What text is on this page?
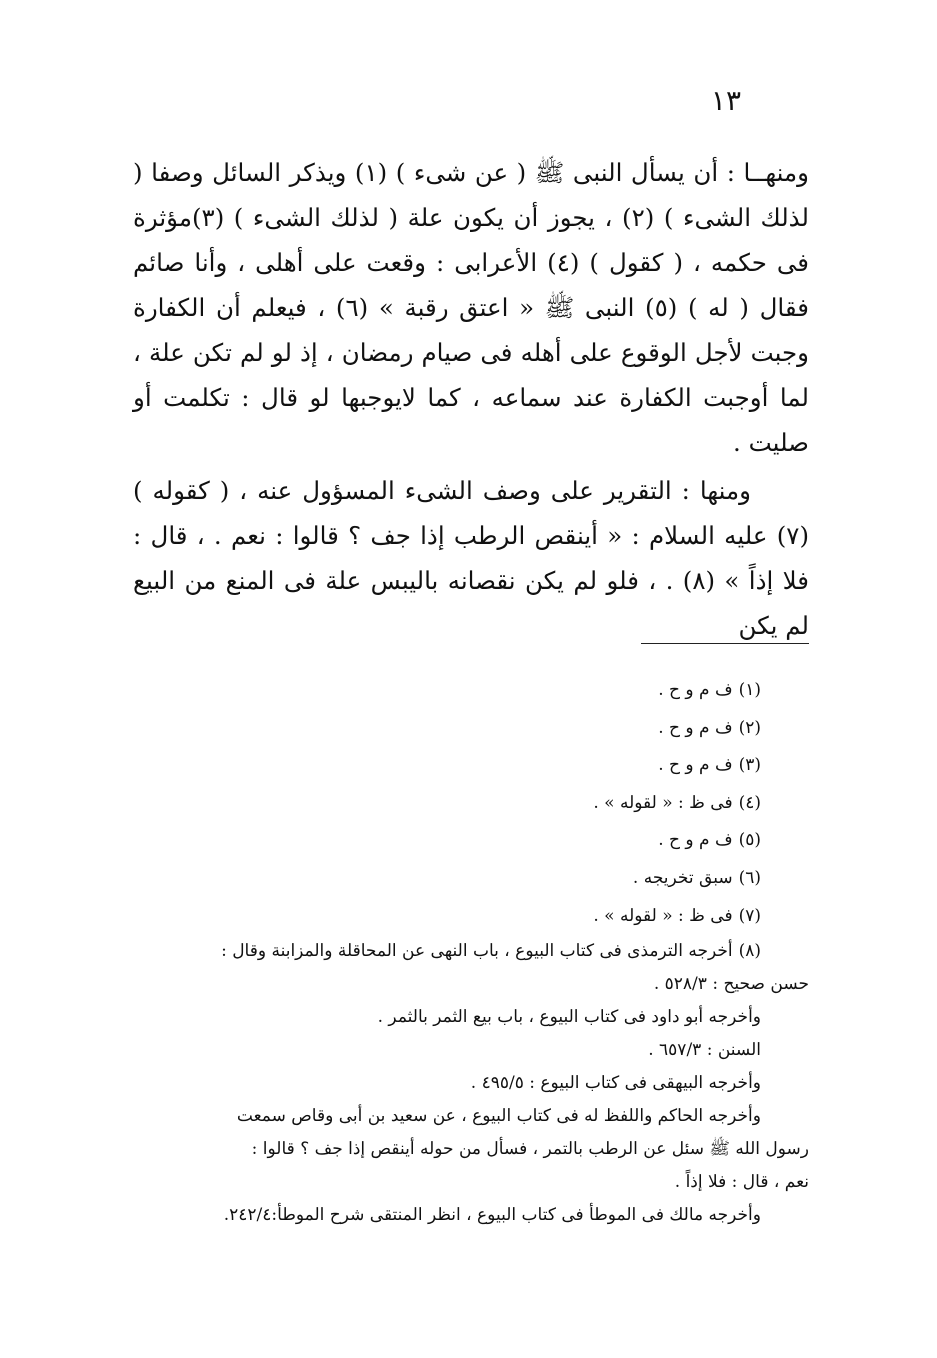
١٣

ومنهــا : أن يسأل النبى ﷺ ( عن شىء ) (١) ويذكر السائل وصفا ( لذلك الشىء ) (٢) ، يجوز أن يكون علة ( لذلك الشىء ) (٣)مؤثرة فى حكمه ، ( كقول ) (٤) الأعرابى : وقعت على أهلى ، وأنا صائم فقال ( له ) (٥) النبى ﷺ « اعتق رقبة » (٦) ، فيعلم أن الكفارة وجبت لأجل الوقوع على أهله فى صيام رمضان ، إذ لو لم تكن علة ، لما أوجبت الكفارة عند سماعه ، كما لايوجبها لو قال : تكلمت أو صليت .

ومنها : التقرير على وصف الشىء المسؤول عنه ، ( كقوله ) (٧) عليه السلام : « أينقص الرطب إذا جف ؟ قالوا : نعم . ، قال : فلا إذاً » (٨) . ، فلو لم يكن نقصانه باليبس علة فى المنع من البيع لم يكن

(١)ف م و ح .
(٢)ف م و ح .
(٣)ف م و ح .
(٤)فى ظ : « لقوله » .
(٥)ف م و ح .
(٦)سبق تخريجه .
(٧)فى ظ : « لقوله » .
(٨)أخرجه الترمذى فى كتاب البيوع ، باب النهى عن المحاقلة والمزابنة وقال :
حسن صحيح : ٥٢٨/٣ .
وأخرجه أبو داود فى كتاب البيوع ، باب بيع الثمر بالثمر .
السنن : ٦٥٧/٣ .
وأخرجه البيهقى فى كتاب البيوع : ٤٩٥/٥ .
وأخرجه الحاكم واللفظ له فى كتاب البيوع ، عن سعيد بن أبى وقاص سمعت
رسول الله ﷺ سئل عن الرطب بالتمر ، فسأل من حوله أينقص إذا جف ؟ قالوا :
نعم ، قال : فلا إذاً .
وأخرجه مالك فى الموطأ فى كتاب البيوع ، انظر المنتقى شرح الموطأ:٢٤٢/٤.
